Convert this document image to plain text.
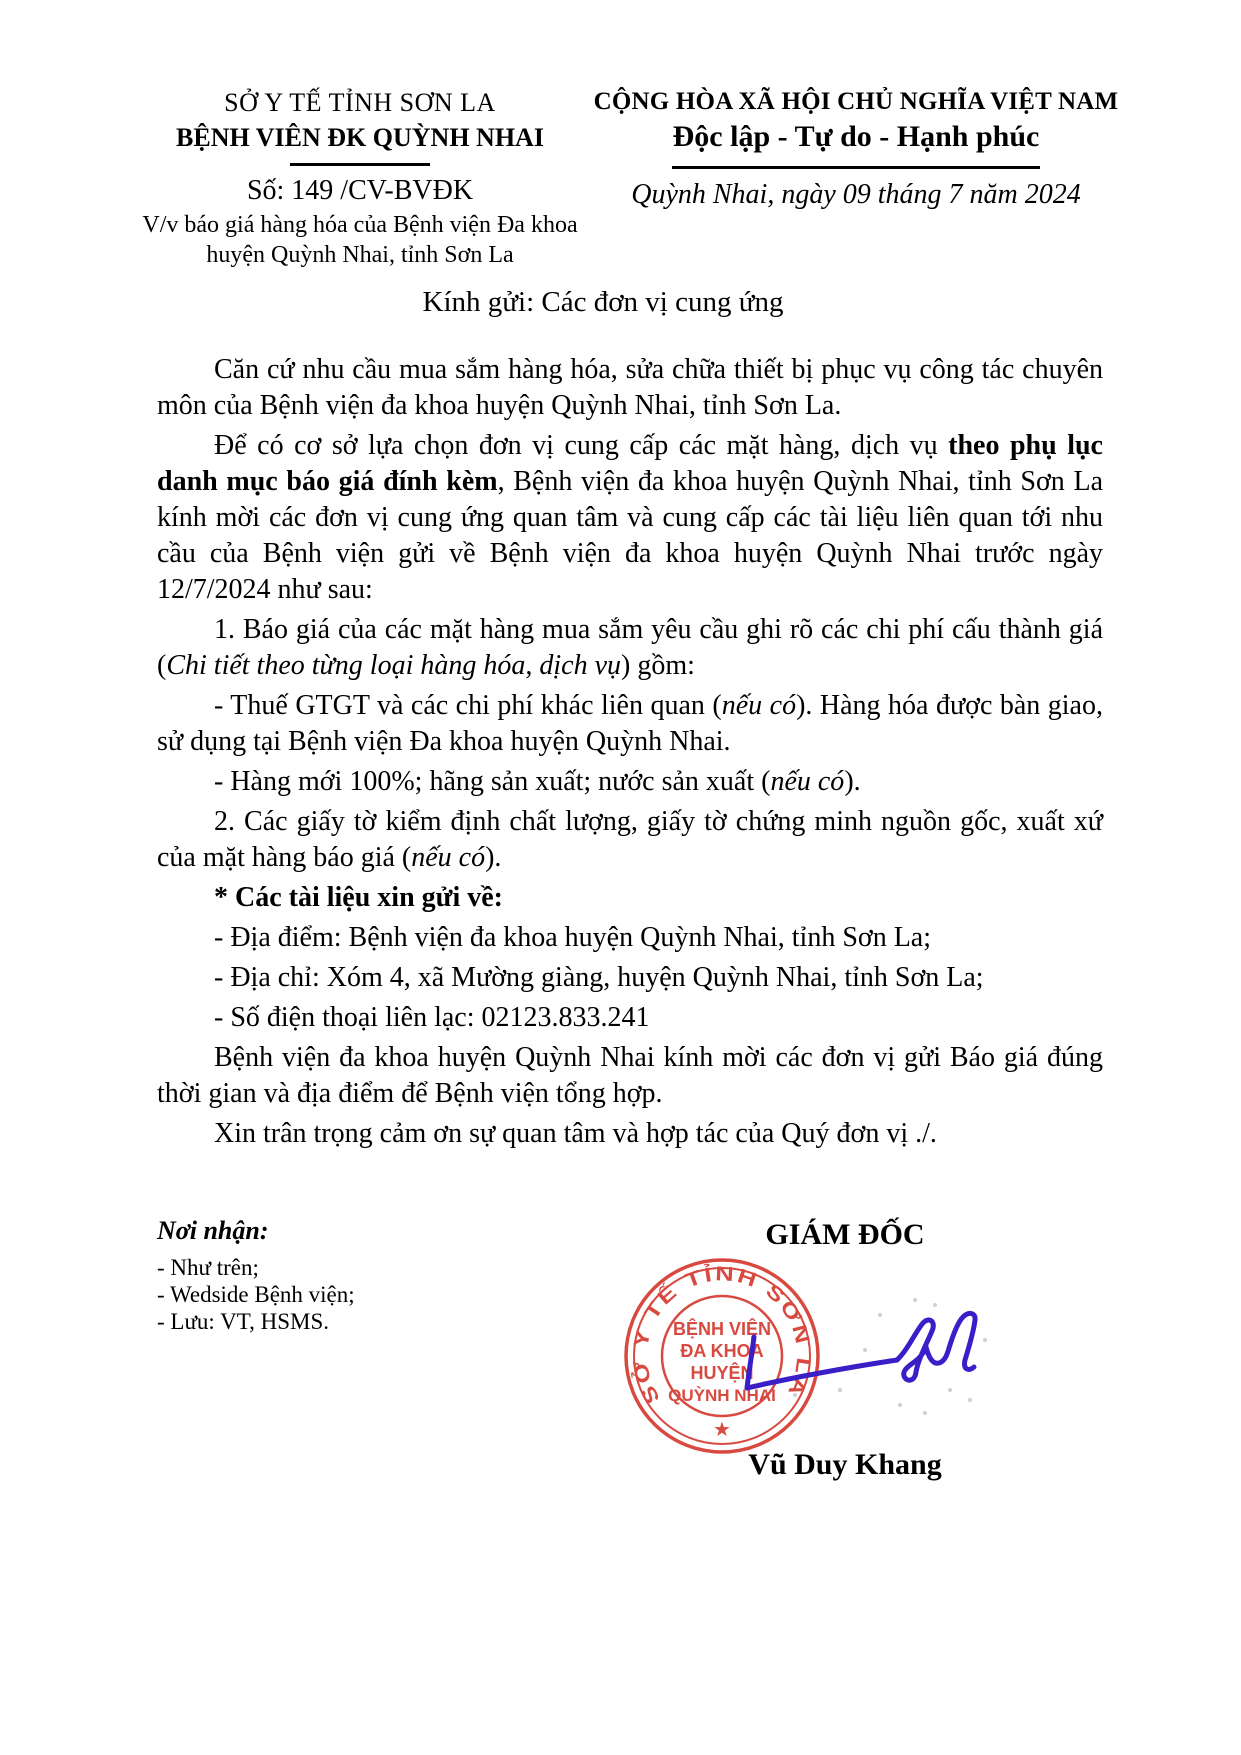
SỞ Y TẾ TỈNH SƠN LA
BỆNH VIÊN ĐK QUỲNH NHAI
Số: 149 /CV-BVĐK
V/v báo giá hàng hóa của Bệnh viện Đa khoa
huyện Quỳnh Nhai, tỉnh Sơn La
CỘNG HÒA XÃ HỘI CHỦ NGHĨA VIỆT NAM
Độc lập - Tự do - Hạnh phúc
Quỳnh Nhai, ngày 09 tháng 7 năm 2024
Kính gửi: Các đơn vị cung ứng

Căn cứ nhu cầu mua sắm hàng hóa, sửa chữa thiết bị phục vụ công tác chuyên môn của Bệnh viện đa khoa huyện Quỳnh Nhai, tỉnh Sơn La.

Để có cơ sở lựa chọn đơn vị cung cấp các mặt hàng, dịch vụ theo phụ lục danh mục báo giá đính kèm, Bệnh viện đa khoa huyện Quỳnh Nhai, tỉnh Sơn La kính mời các đơn vị cung ứng quan tâm và cung cấp các tài liệu liên quan tới nhu cầu của Bệnh viện gửi về Bệnh viện đa khoa huyện Quỳnh Nhai trước ngày 12/7/2024 như sau:

1. Báo giá của các mặt hàng mua sắm yêu cầu ghi rõ các chi phí cấu thành giá (Chi tiết theo từng loại hàng hóa, dịch vụ) gồm:

- Thuế GTGT và các chi phí khác liên quan (nếu có). Hàng hóa được bàn giao, sử dụng tại Bệnh viện Đa khoa huyện Quỳnh Nhai.

- Hàng mới 100%; hãng sản xuất; nước sản xuất (nếu có).

2. Các giấy tờ kiểm định chất lượng, giấy tờ chứng minh nguồn gốc, xuất xứ của mặt hàng báo giá (nếu có).

* Các tài liệu xin gửi về:

- Địa điểm: Bệnh viện đa khoa huyện Quỳnh Nhai, tỉnh Sơn La;

- Địa chỉ: Xóm 4, xã Mường giàng, huyện Quỳnh Nhai, tỉnh Sơn La;

- Số điện thoại liên lạc: 02123.833.241

Bệnh viện đa khoa huyện Quỳnh Nhai kính mời các đơn vị gửi Báo giá đúng thời gian và địa điểm để Bệnh viện tổng hợp.

Xin trân trọng cảm ơn sự quan tâm và hợp tác của Quý đơn vị ./.

Nơi nhận:
- Như trên;
- Wedside Bệnh viện;
- Lưu: VT, HSMS.
GIÁM ĐỐC
Vũ Duy Khang
SỞ Y TẾ TỈNH SƠN LA
BỆNH VIỆN
ĐA KHOA
HUYỆN
QUỲNH NHAI
★
